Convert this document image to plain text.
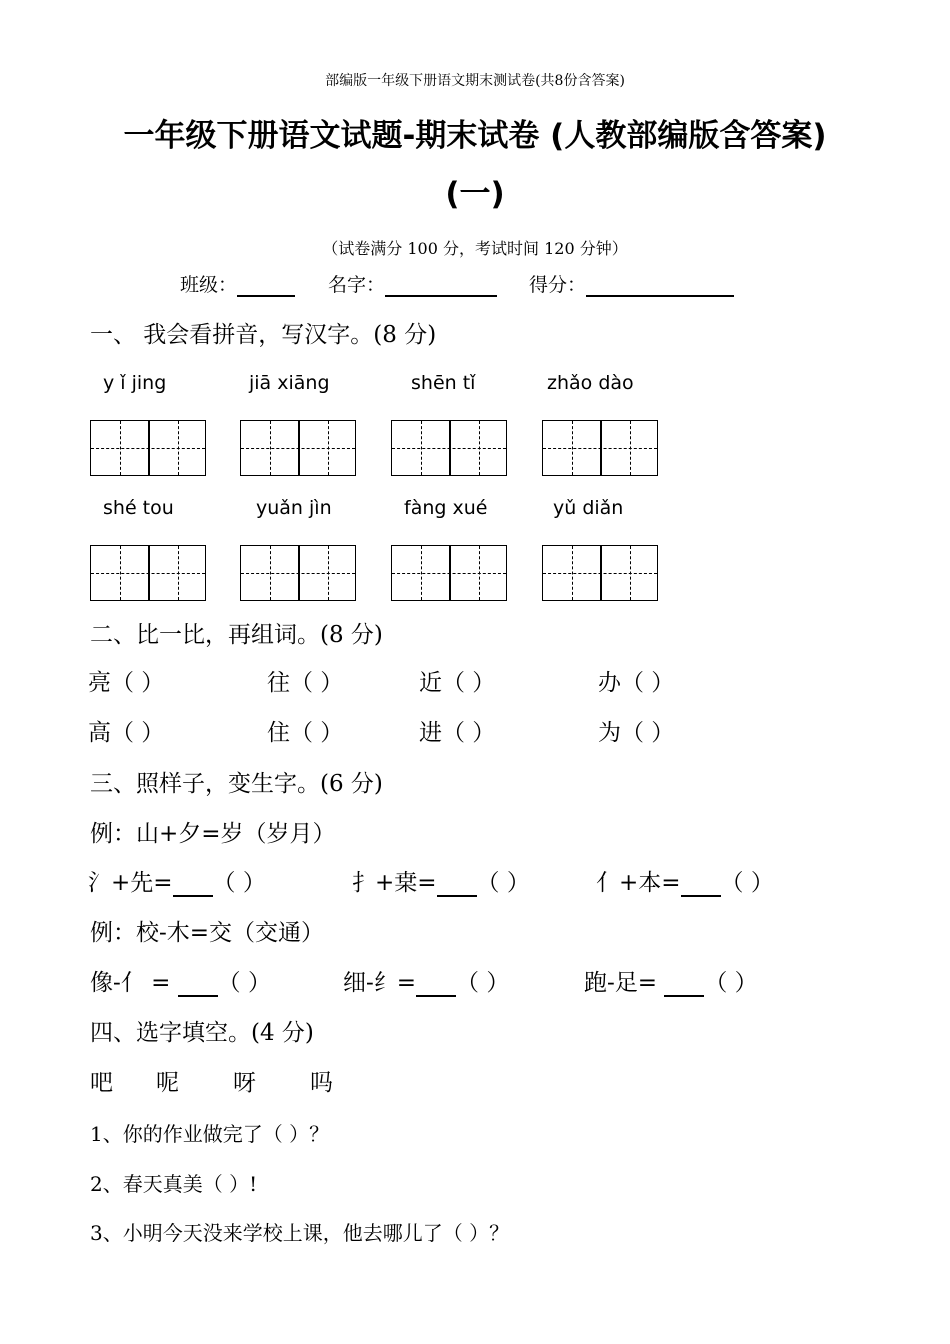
部编版一年级下册语文期末测试卷(共8份含答案)
一年级下册语文试题-期末试卷 (人教部编版含答案)
(一)
（试卷满分 100 分，考试时间 120 分钟）
班级：	名字：	得分：
一、 我会看拼音，写汉字。(8 分)
y ǐ jing	jiā xiāng	shēn tǐ	zhǎo dào
shé tou	yuǎn jìn	fàng xué	yǔ diǎn
二、比一比，再组词。(8 分)
亮（ ）	往（ ）	近（ ）	办（ ）
高（ ）	住（ ）	进（ ）	为（ ）
三、照样子，变生字。(6 分)
例：山+夕=岁（岁月）
氵+先= （ ）	扌+枽= （ ）	亻+本= （ ）
例：校-木=交（交通）
像-亻 = （ ）	细-纟= （ ）	跑-足= （ ）
四、选字填空。(4 分)
吧 呢 呀 吗
1、你的作业做完了（ ）？
2、春天真美（ ）!
3、小明今天没来学校上课，他去哪儿了（ ）？
